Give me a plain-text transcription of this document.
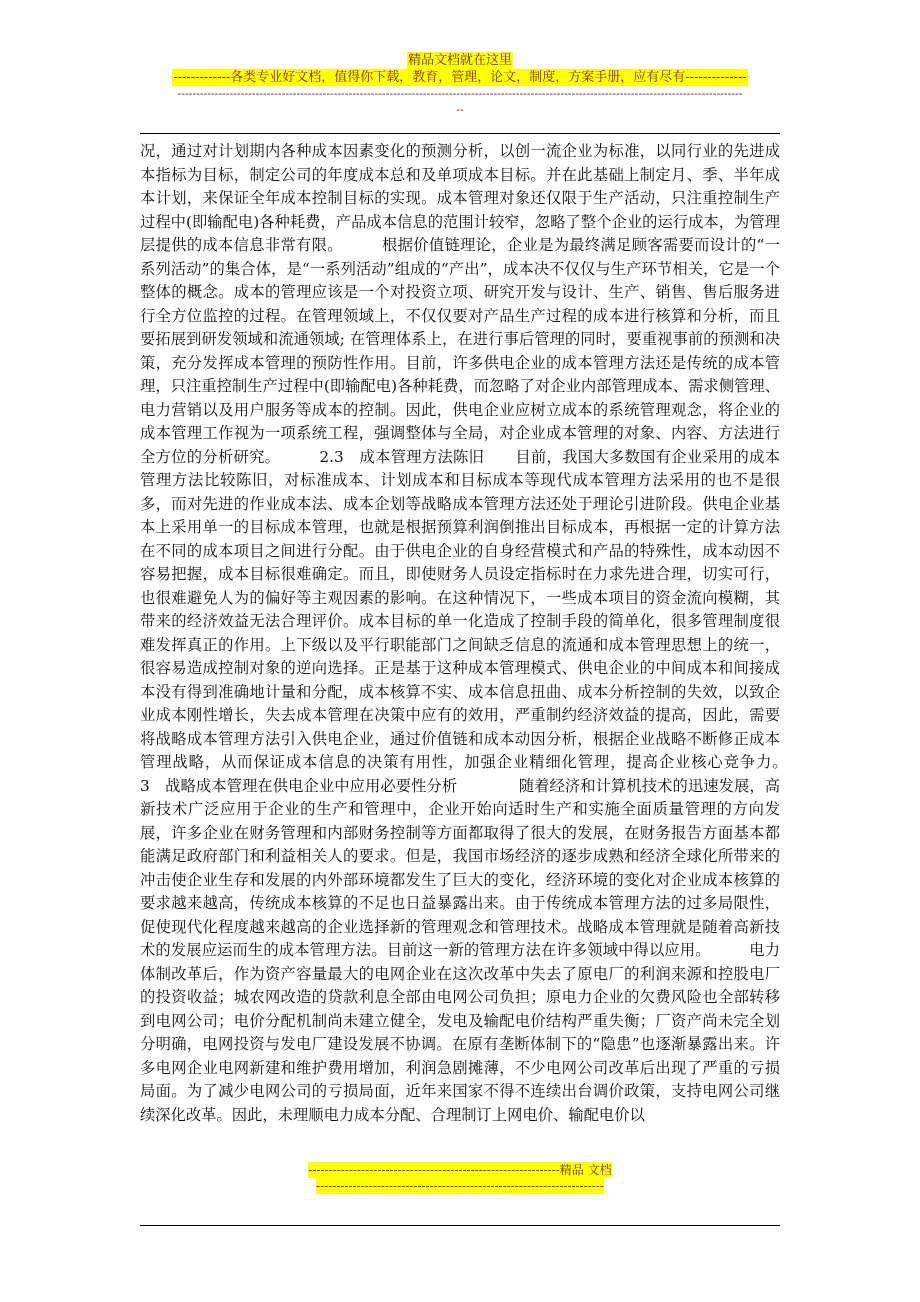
精品文档就在这里
-------------各类专业好文档，值得你下载，教育，管理，论文，制度，方案手册，应有尽有--------------
--------------------------------------------------------------------------------------------------------------------------------------------------------
--

况，通过对计划期内各种成本因素变化的预测分析，以创一流企业为标准，以同行业的先进成本指标为目标，制定公司的年度成本总和及单项成本目标。并在此基础上制定月、季、半年成本计划，来保证全年成本控制目标的实现。成本管理对象还仅限于生产活动，只注重控制生产过程中(即输配电)各种耗费，产品成本信息的范围计较窄，忽略了整个企业的运行成本，为管理层提供的成本信息非常有限。　　　根据价值链理论，企业是为最终满足顾客需要而设计的“一系列活动”的集合体，是“一系列活动”组成的“产出”，成本决不仅仅与生产环节相关，它是一个整体的概念。成本的管理应该是一个对投资立项、研究开发与设计、生产、销售、售后服务进行全方位监控的过程。在管理领域上，不仅仅要对产品生产过程的成本进行核算和分析，而且要拓展到研发领域和流通领域; 在管理体系上，在进行事后管理的同时，要重视事前的预测和决策，充分发挥成本管理的预防性作用。目前，许多供电企业的成本管理方法还是传统的成本管理，只注重控制生产过程中(即输配电)各种耗费，而忽略了对企业内部管理成本、需求侧管理、电力营销以及用户服务等成本的控制。因此，供电企业应树立成本的系统管理观念，将企业的成本管理工作视为一项系统工程，强调整体与全局，对企业成本管理的对象、内容、方法进行全方位的分析研究。　　　2.3　成本管理方法陈旧　　目前，我国大多数国有企业采用的成本管理方法比较陈旧，对标准成本、计划成本和目标成本等现代成本管理方法采用的也不是很多，而对先进的作业成本法、成本企划等战略成本管理方法还处于理论引进阶段。供电企业基本上采用单一的目标成本管理，也就是根据预算利润倒推出目标成本，再根据一定的计算方法在不同的成本项目之间进行分配。由于供电企业的自身经营模式和产品的特殊性，成本动因不容易把握，成本目标很难确定。而且，即使财务人员设定指标时在力求先进合理，切实可行，也很难避免人为的偏好等主观因素的影响。在这种情况下，一些成本项目的资金流向模糊，其带来的经济效益无法合理评价。成本目标的单一化造成了控制手段的简单化，很多管理制度很难发挥真正的作用。上下级以及平行职能部门之间缺乏信息的流通和成本管理思想上的统一，很容易造成控制对象的逆向选择。正是基于这种成本管理模式、供电企业的中间成本和间接成本没有得到准确地计量和分配，成本核算不实、成本信息扭曲、成本分析控制的失效，以致企业成本刚性增长，失去成本管理在决策中应有的效用，严重制约经济效益的提高，因此，需要将战略成本管理方法引入供电企业，通过价值链和成本动因分析，根据企业战略不断修正成本管理战略，从而保证成本信息的决策有用性，加强企业精细化管理，提高企业核心竞争力。　　　　　3　战略成本管理在供电企业中应用必要性分析　　　　随着经济和计算机技术的迅速发展，高新技术广泛应用于企业的生产和管理中，企业开始向适时生产和实施全面质量管理的方向发展，许多企业在财务管理和内部财务控制等方面都取得了很大的发展，在财务报告方面基本都能满足政府部门和利益相关人的要求。但是，我国市场经济的逐步成熟和经济全球化所带来的冲击使企业生存和发展的内外部环境都发生了巨大的变化，经济环境的变化对企业成本核算的要求越来越高，传统成本核算的不足也日益暴露出来。由于传统成本管理方法的过多局限性，促使现代化程度越来越高的企业选择新的管理观念和管理技术。战略成本管理就是随着高新技术的发展应运而生的成本管理方法。目前这一新的管理方法在许多领域中得以应用。　　　电力体制改革后，作为资产容量最大的电网企业在这次改革中失去了原电厂的利润来源和控股电厂的投资收益；城农网改造的贷款利息全部由电网公司负担；原电力企业的欠费风险也全部转移到电网公司；电价分配机制尚未建立健全，发电及输配电价结构严重失衡；厂资产尚未完全划分明确，电网投资与发电厂建设发展不协调。在原有垄断体制下的“隐患”也逐渐暴露出来。许多电网企业电网新建和维护费用增加，利润急剧摊薄，不少电网公司改革后出现了严重的亏损局面。为了减少电网公司的亏损局面，近年来国家不得不连续出台调价政策，支持电网公司继续深化改革。因此，未理顺电力成本分配、合理制订上网电价、输配电价以

--------------------------------------------------------------精品 文档
-----------------------------------------------------------------------
